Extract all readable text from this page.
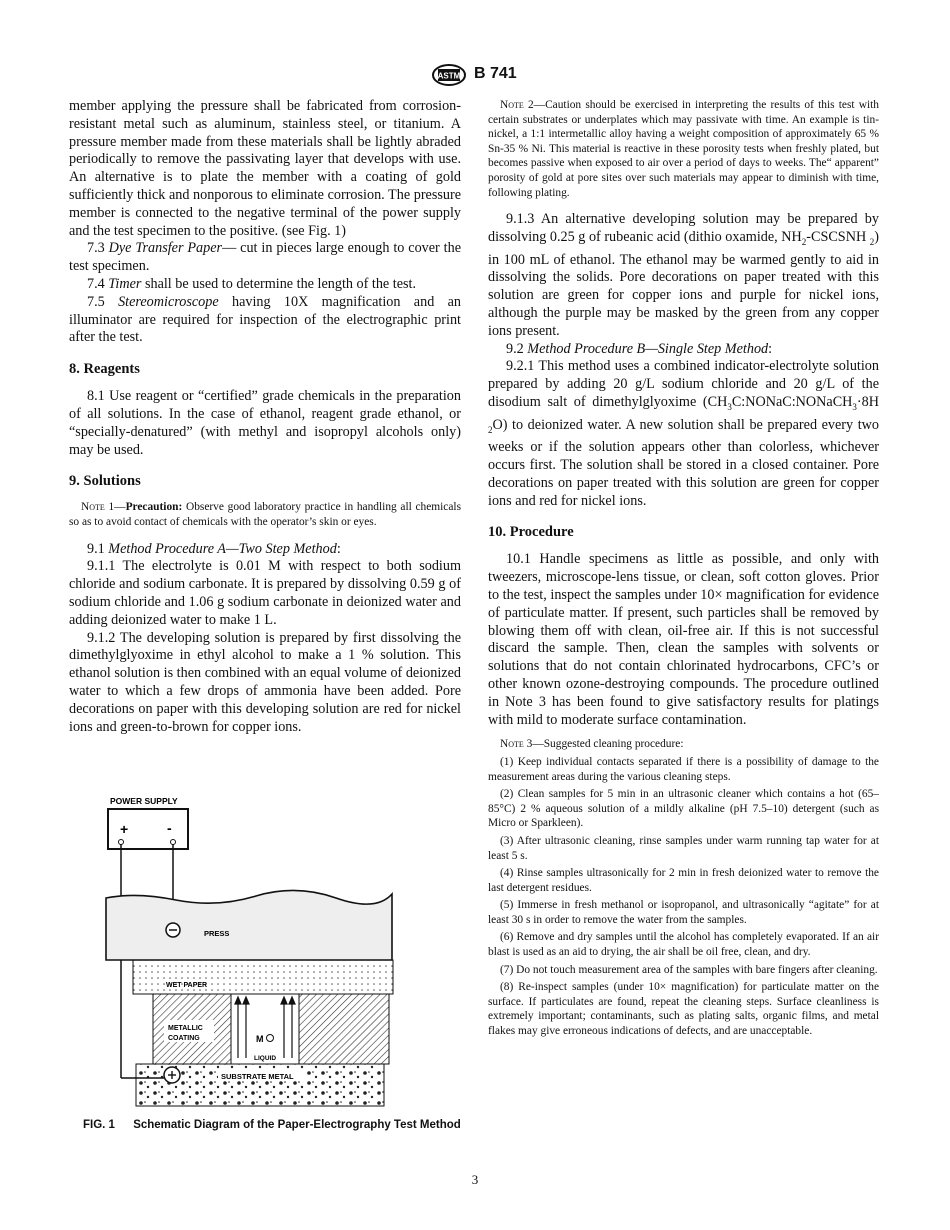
ASTM B 741

member applying the pressure shall be fabricated from corrosion-resistant metal such as aluminum, stainless steel, or titanium. A pressure member made from these materials shall be lightly abraded periodically to remove the passivating layer that develops with use. An alternative is to plate the member with a coating of gold sufficiently thick and nonporous to eliminate corrosion. The pressure member is connected to the negative terminal of the power supply and the test specimen to the positive. (see Fig. 1)

7.3 Dye Transfer Paper— cut in pieces large enough to cover the test specimen.

7.4 Timer shall be used to determine the length of the test.

7.5 Stereomicroscope having 10X magnification and an illuminator are required for inspection of the electrographic print after the test.

8. Reagents

8.1 Use reagent or “certified” grade chemicals in the preparation of all solutions. In the case of ethanol, reagent grade ethanol, or “specially-denatured” (with methyl and isopropyl alcohols only) may be used.

9. Solutions

Note 1—Precaution: Observe good laboratory practice in handling all chemicals so as to avoid contact of chemicals with the operator’s skin or eyes.

9.1 Method Procedure A—Two Step Method:

9.1.1 The electrolyte is 0.01 M with respect to both sodium chloride and sodium carbonate. It is prepared by dissolving 0.59 g of sodium chloride and 1.06 g sodium carbonate in deionized water and adding deionized water to make 1 L.

9.1.2 The developing solution is prepared by first dissolving the dimethylglyoxime in ethyl alcohol to make a 1 % solution. This ethanol solution is then combined with an equal volume of deionized water to which a few drops of ammonia have been added. Pore decorations on paper with this developing solution are red for nickel ions and green-to-brown for copper ions.

POWER SUPPLY
+	-
PRESS
WET PAPER
METALLIC
COATING	M
LIQUID
SUBSTRATE METAL
FIG. 1	Schematic Diagram of the Paper-Electrography Test Method

Note 2—Caution should be exercised in interpreting the results of this test with certain substrates or underplates which may passivate with time. An example is tin-nickel, a 1:1 intermetallic alloy having a weight composition of approximately 65 % Sn-35 % Ni. This material is reactive in these porosity tests when freshly plated, but becomes passive when exposed to air over a period of days to weeks. The“ apparent” porosity of gold at pore sites over such materials may appear to diminish with time, following plating.

9.1.3 An alternative developing solution may be prepared by dissolving 0.25 g of rubeanic acid (dithio oxamide, $NH_2$-CSCSNH $_2$) in 100 mL of ethanol. The ethanol may be warmed gently to aid in dissolving the solids. Pore decorations on paper treated with this solution are green for copper ions and purple for nickel ions, although the purple may be masked by the green from any copper ions present.

9.2 Method Procedure B—Single Step Method:

9.2.1 This method uses a combined indicator-electrolyte solution prepared by adding 20 g/L sodium chloride and 20 g/L of the disodium salt of dimethylglyoxime ($CH_3C:NONaC:NONaCH_3\cdot 8H$ $_2$O) to deionized water. A new solution shall be prepared every two weeks or if the solution appears other than colorless, whichever occurs first. The solution shall be stored in a closed container. Pore decorations on paper treated with this solution are green for copper ions and red for nickel ions.

10. Procedure

10.1 Handle specimens as little as possible, and only with tweezers, microscope-lens tissue, or clean, soft cotton gloves. Prior to the test, inspect the samples under 10× magnification for evidence of particulate matter. If present, such particles shall be removed by blowing them off with clean, oil-free air. If this is not successful discard the sample. Then, clean the samples with solvents or solutions that do not contain chlorinated hydrocarbons, CFC’s or other known ozone-destroying compounds. The procedure outlined in Note 3 has been found to give satisfactory results for platings with mild to moderate surface contamination.

Note 3—Suggested cleaning procedure:

(1) Keep individual contacts separated if there is a possibility of damage to the measurement areas during the various cleaning steps.

(2) Clean samples for 5 min in an ultrasonic cleaner which contains a hot (65–85°C) 2 % aqueous solution of a mildly alkaline (pH 7.5–10) detergent (such as Micro or Sparkleen).

(3) After ultrasonic cleaning, rinse samples under warm running tap water for at least 5 s.

(4) Rinse samples ultrasonically for 2 min in fresh deionized water to remove the last detergent residues.

(5) Immerse in fresh methanol or isopropanol, and ultrasonically “agitate” for at least 30 s in order to remove the water from the samples.

(6) Remove and dry samples until the alcohol has completely evaporated. If an air blast is used as an aid to drying, the air shall be oil free, clean, and dry.

(7) Do not touch measurement area of the samples with bare fingers after cleaning.

(8) Re-inspect samples (under 10× magnification) for particulate matter on the surface. If particulates are found, repeat the cleaning steps. Surface cleanliness is extremely important; contaminants, such as plating salts, organic films, and metal flakes may give erroneous indications of defects, and are unacceptable.

3
